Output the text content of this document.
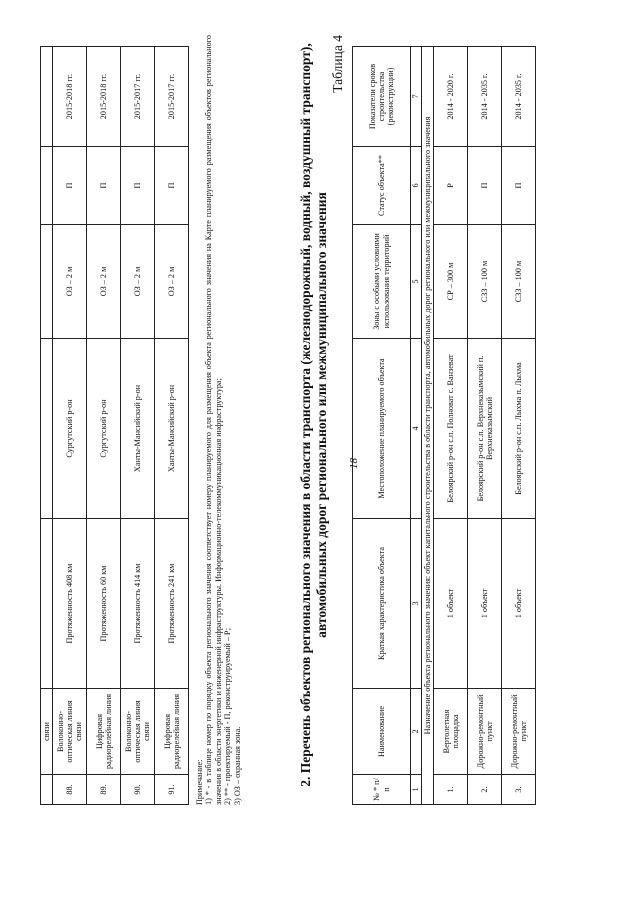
18
	связи					
88.	Волоконно-оптическая линия связи	Протяженность 408 км	Сургутский р-он	ОЗ – 2 м	П	2015-2018 гг.
89.	Цифровая радиорелейная линия	Протяженность 60 км	Сургутский р-он	ОЗ – 2 м	П	2015-2018 гг.
90.	Волоконно-оптическая линия связи	Протяженность 414 км	Ханты-Мансийский р-он	ОЗ – 2 м	П	2015-2017 гг.
91.	Цифровая радиорелейная линия	Протяженность 241 км	Ханты-Мансийский р-он	ОЗ – 2 м	П	2015-2017 гг.

Примечание: 1) * - в таблице номер по порядку объекта регионального значения соответствует номеру планируемого для размещения объекта регионального значения на Карте планируемого размещения объектов регионального значения в области энергетики и инженерной инфраструктуры. Информационно-телекоммуникационная инфраструктура; 2) ** - проектируемый - П, реконструируемый – Р; 3) ОЗ – охранная зона.	2. Перечень объектов регионального значения в области транспорта (железнодорожный, водный, воздушный транспорт), автомобильных дорог регионального или межмуниципального значения
Таблица 4
№ * п/п	Наименование	Краткая характеристика объекта	Местоположение планируемого объекта	Зоны с особыми условиями использования территорий	Статус объекта**	Показатели сроков строительства (реконструкции)
1	2	3	4	5	6	7
Назначение объекта регионального значения: объект капитального строительства в области транспорта, автомобильных дорог регионального или межмуниципального значения						
1.	Вертолетная площадка	1 объект	Белоярский р-он с.п. Полноват с. Ванзеват	СР – 300 м	Р	2014 - 2020 г.
2.	Дорожно-ремонтный пункт	1 объект	Белоярский р-он с.п. Верхнеказымский п. Верхнеказымский	СЗЗ – 100 м	П	2014 - 2035 г.
3.	Дорожно-ремонтный пункт	1 объект	Белоярский р-он с.п. Лыхма п. Лыхма	СЗЗ – 100 м	П	2014 - 2035 г.
